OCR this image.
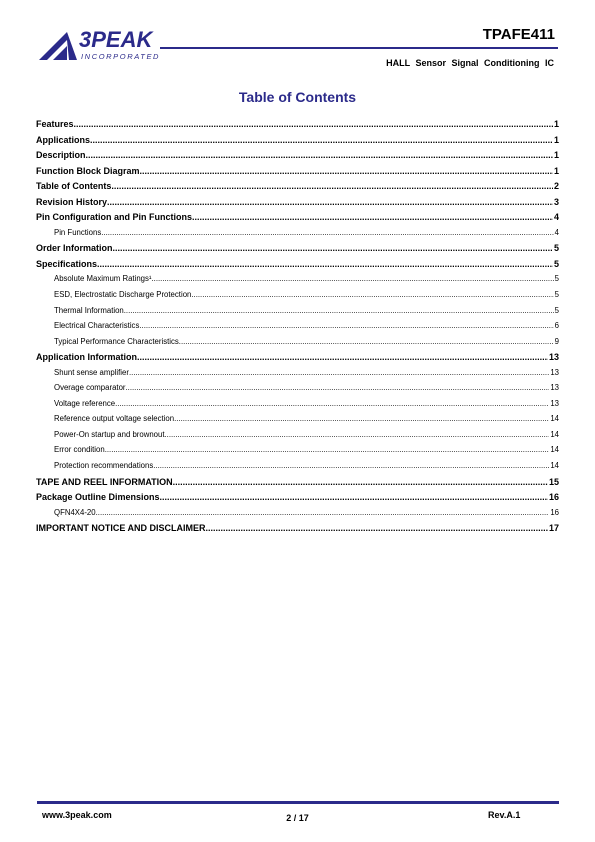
3PEAK
INCORPORATED
TPAFE411
HALL Sensor Signal Conditioning IC
Table of Contents
Features .....	1
Applications .....	1
Description .....	1
Function Block Diagram .....	1
Table of Contents .....	2
Revision History .....	3
Pin Configuration and Pin Functions .....	4
Pin Functions .....	4
Order Information .....	5
Specifications .....	5
Absolute Maximum Ratings¹ .....	5
ESD, Electrostatic Discharge Protection .....	5
Thermal Information .....	5
Electrical Characteristics .....	6
Typical Performance Characteristics .....	9
Application Information .....	13
Shunt sense amplifier .....	13
Overage comparator .....	13
Voltage reference .....	13
Reference output voltage selection .....	14
Power-On startup and brownout .....	14
Error condition .....	14
Protection recommendations .....	14
TAPE AND REEL INFORMATION .....	15
Package Outline Dimensions .....	16
QFN4X4-20 .....	16
IMPORTANT NOTICE AND DISCLAIMER .....	17
www.3peak.com	2 / 17	Rev.A.1
